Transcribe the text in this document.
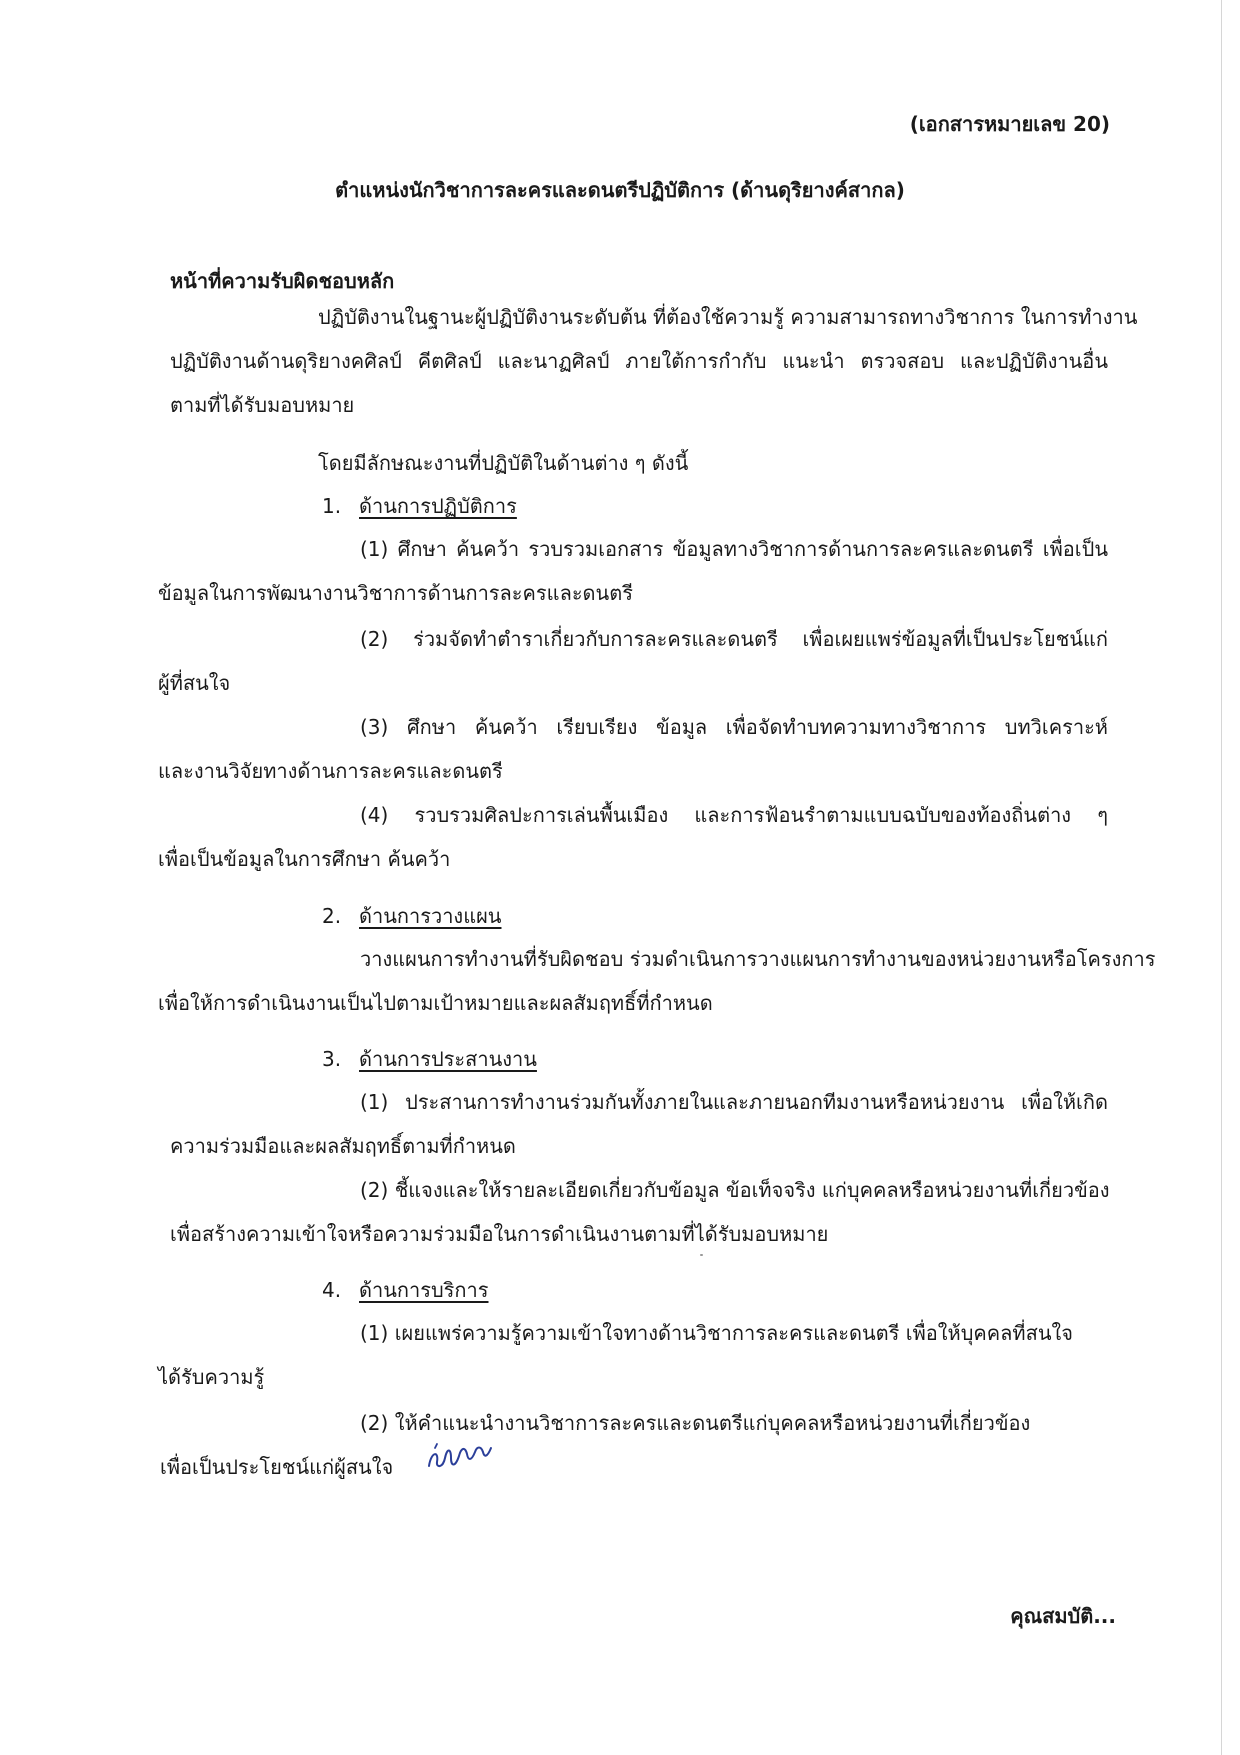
(เอกสารหมายเลข 20)
ตำแหน่งนักวิชาการละครและดนตรีปฏิบัติการ (ด้านดุริยางค์สากล)
หน้าที่ความรับผิดชอบหลัก
ปฏิบัติงานในฐานะผู้ปฏิบัติงานระดับต้น ที่ต้องใช้ความรู้ ความสามารถทางวิชาการ ในการทำงาน
ปฏิบัติงานด้านดุริยางคศิลป์ คีตศิลป์ และนาฏศิลป์ ภายใต้การกำกับ แนะนำ ตรวจสอบ และปฏิบัติงานอื่น
ตามที่ได้รับมอบหมาย
โดยมีลักษณะงานที่ปฏิบัติในด้านต่าง ๆ ดังนี้
1. ด้านการปฏิบัติการ
(1) ศึกษา ค้นคว้า รวบรวมเอกสาร ข้อมูลทางวิชาการด้านการละครและดนตรี เพื่อเป็น
ข้อมูลในการพัฒนางานวิชาการด้านการละครและดนตรี
(2) ร่วมจัดทำตำราเกี่ยวกับการละครและดนตรี เพื่อเผยแพร่ข้อมูลที่เป็นประโยชน์แก่
ผู้ที่สนใจ
(3) ศึกษา ค้นคว้า เรียบเรียง ข้อมูล เพื่อจัดทำบทความทางวิชาการ บทวิเคราะห์
และงานวิจัยทางด้านการละครและดนตรี
(4) รวบรวมศิลปะการเล่นพื้นเมือง และการฟ้อนรำตามแบบฉบับของท้องถิ่นต่าง ๆ
เพื่อเป็นข้อมูลในการศึกษา ค้นคว้า
2. ด้านการวางแผน
วางแผนการทำงานที่รับผิดชอบ ร่วมดำเนินการวางแผนการทำงานของหน่วยงานหรือโครงการ
เพื่อให้การดำเนินงานเป็นไปตามเป้าหมายและผลสัมฤทธิ์ที่กำหนด
3. ด้านการประสานงาน
(1) ประสานการทำงานร่วมกันทั้งภายในและภายนอกทีมงานหรือหน่วยงาน เพื่อให้เกิด
ความร่วมมือและผลสัมฤทธิ์ตามที่กำหนด
(2) ชี้แจงและให้รายละเอียดเกี่ยวกับข้อมูล ข้อเท็จจริง แก่บุคคลหรือหน่วยงานที่เกี่ยวข้อง
เพื่อสร้างความเข้าใจหรือความร่วมมือในการดำเนินงานตามที่ได้รับมอบหมาย
4. ด้านการบริการ
(1) เผยแพร่ความรู้ความเข้าใจทางด้านวิชาการละครและดนตรี เพื่อให้บุคคลที่สนใจ
ได้รับความรู้
(2) ให้คำแนะนำงานวิชาการละครและดนตรีแก่บุคคลหรือหน่วยงานที่เกี่ยวข้อง
เพื่อเป็นประโยชน์แก่ผู้สนใจ
คุณสมบัติ...
